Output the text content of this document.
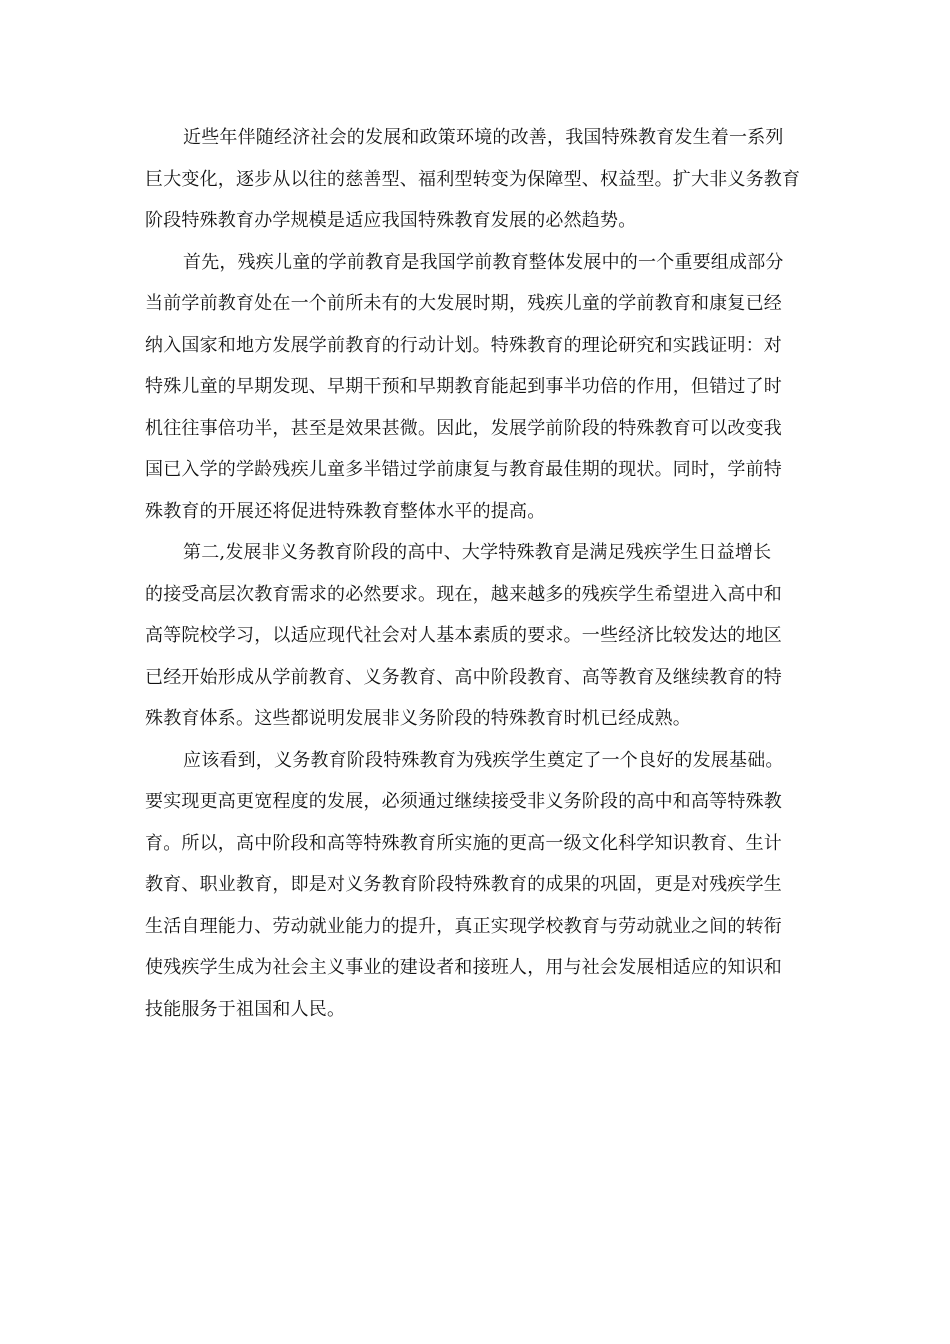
近些年伴随经济社会的发展和政策环境的改善，我国特殊教育发生着一系列
巨大变化，逐步从以往的慈善型、福利型转变为保障型、权益型。扩大非义务教育
阶段特殊教育办学规模是适应我国特殊教育发展的必然趋势。
首先，残疾儿童的学前教育是我国学前教育整体发展中的一个重要组成部分
当前学前教育处在一个前所未有的大发展时期，残疾儿童的学前教育和康复已经
纳入国家和地方发展学前教育的行动计划。特殊教育的理论研究和实践证明：对
特殊儿童的早期发现、早期干预和早期教育能起到事半功倍的作用，但错过了时
机往往事倍功半，甚至是效果甚微。因此，发展学前阶段的特殊教育可以改变我
国已入学的学龄残疾儿童多半错过学前康复与教育最佳期的现状。同时，学前特
殊教育的开展还将促进特殊教育整体水平的提高。
第二,发展非义务教育阶段的高中、大学特殊教育是满足残疾学生日益增长
的接受高层次教育需求的必然要求。现在，越来越多的残疾学生希望进入高中和
高等院校学习，以适应现代社会对人基本素质的要求。一些经济比较发达的地区
已经开始形成从学前教育、义务教育、高中阶段教育、高等教育及继续教育的特
殊教育体系。这些都说明发展非义务阶段的特殊教育时机已经成熟。
应该看到，义务教育阶段特殊教育为残疾学生奠定了一个良好的发展基础。
要实现更高更宽程度的发展，必须通过继续接受非义务阶段的高中和高等特殊教
育。所以，高中阶段和高等特殊教育所实施的更高一级文化科学知识教育、生计
教育、职业教育，即是对义务教育阶段特殊教育的成果的巩固，更是对残疾学生
生活自理能力、劳动就业能力的提升，真正实现学校教育与劳动就业之间的转衔
使残疾学生成为社会主义事业的建设者和接班人，用与社会发展相适应的知识和
技能服务于祖国和人民。
